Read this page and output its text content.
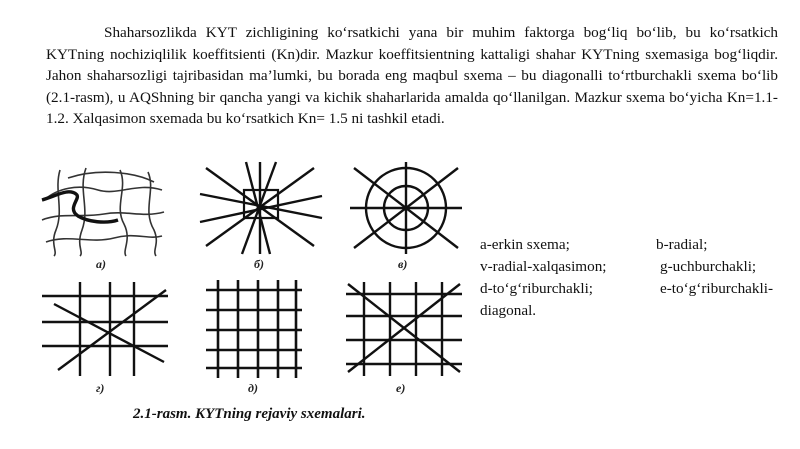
Shaharsozlikda KYT zichligining ko‘rsatkichi yana bir muhim faktorga bog‘liq bo‘lib, bu ko‘rsatkich KYTning nochiziqlilik koeffitsienti (Kn)dir. Mazkur koeffitsientning kattaligi shahar KYTning sxemasiga bog‘liqdir. Jahon shaharsozligi tajribasidan ma’lumki, bu borada eng maqbul sxema – bu diagonalli to‘rtburchakli sxema bo‘lib (2.1-rasm), u AQShning bir qancha yangi va kichik shaharlarida amalda qo‘llanilgan. Mazkur sxema bo‘yicha Kn=1.1-1.2. Xalqasimon sxemada bu ko‘rsatkich Kn= 1.5 ni tashkil etadi.

а)	б)	в)
г)	д)	е)
a-erkin sxema;	b-radial;
v-radial-xalqasimon;	g-uchburchakli;
d-to‘g‘riburchakli;	e-to‘g‘riburchakli-
diagonal.
2.1-rasm. KYTning rejaviy sxemalari.
